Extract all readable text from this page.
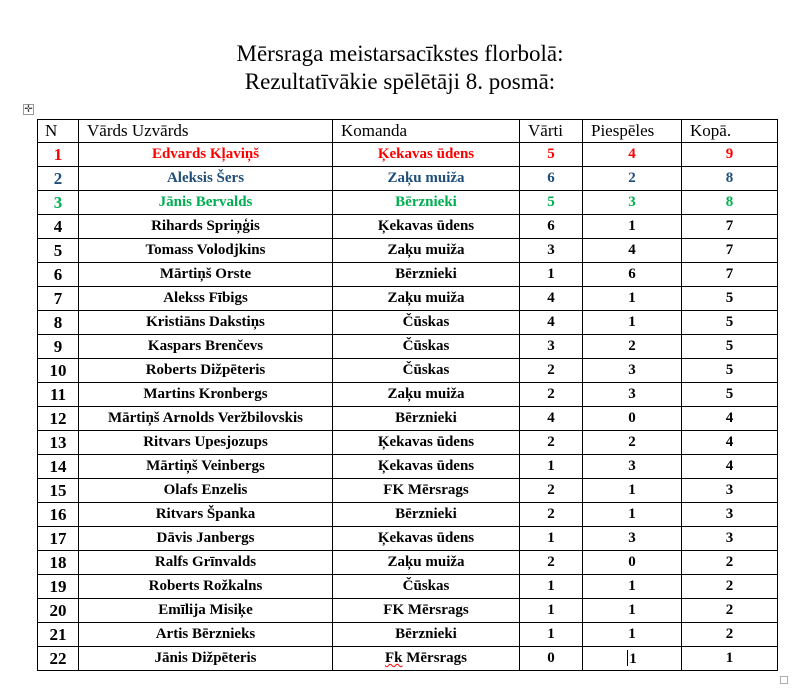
Mērsraga meistarsacīkstes florbolā:
Rezultatīvākie spēlētāji 8. posmā:
✛
N	Vārds Uzvārds	Komanda	Vārti	Piespēles	Kopā.
1	Edvards Kļaviņš	Ķekavas ūdens	5	4	9
2	Aleksis Šers	Zaķu muiža	6	2	8
3	Jānis Bervalds	Bērznieki	5	3	8
4	Rihards Spriņģis	Ķekavas ūdens	6	1	7
5	Tomass Volodjkins	Zaķu muiža	3	4	7
6	Mārtiņš Orste	Bērznieki	1	6	7
7	Alekss Fībigs	Zaķu muiža	4	1	5
8	Kristiāns Dakstiņs	Čūskas	4	1	5
9	Kaspars Brenčevs	Čūskas	3	2	5
10	Roberts Dižpēteris	Čūskas	2	3	5
11	Martins Kronbergs	Zaķu muiža	2	3	5
12	Mārtiņš Arnolds Veržbilovskis	Bērznieki	4	0	4
13	Ritvars Upesjozups	Ķekavas ūdens	2	2	4
14	Mārtiņš Veinbergs	Ķekavas ūdens	1	3	4
15	Olafs Enzelis	FK Mērsrags	2	1	3
16	Ritvars Španka	Bērznieki	2	1	3
17	Dāvis Janbergs	Ķekavas ūdens	1	3	3
18	Ralfs Grīnvalds	Zaķu muiža	2	0	2
19	Roberts Rožkalns	Čūskas	1	1	2
20	Emīlija Misiķe	FK Mērsrags	1	1	2
21	Artis Bērznieks	Bērznieki	1	1	2
22	Jānis Dižpēteris	Fk Mērsrags	0	1	1
